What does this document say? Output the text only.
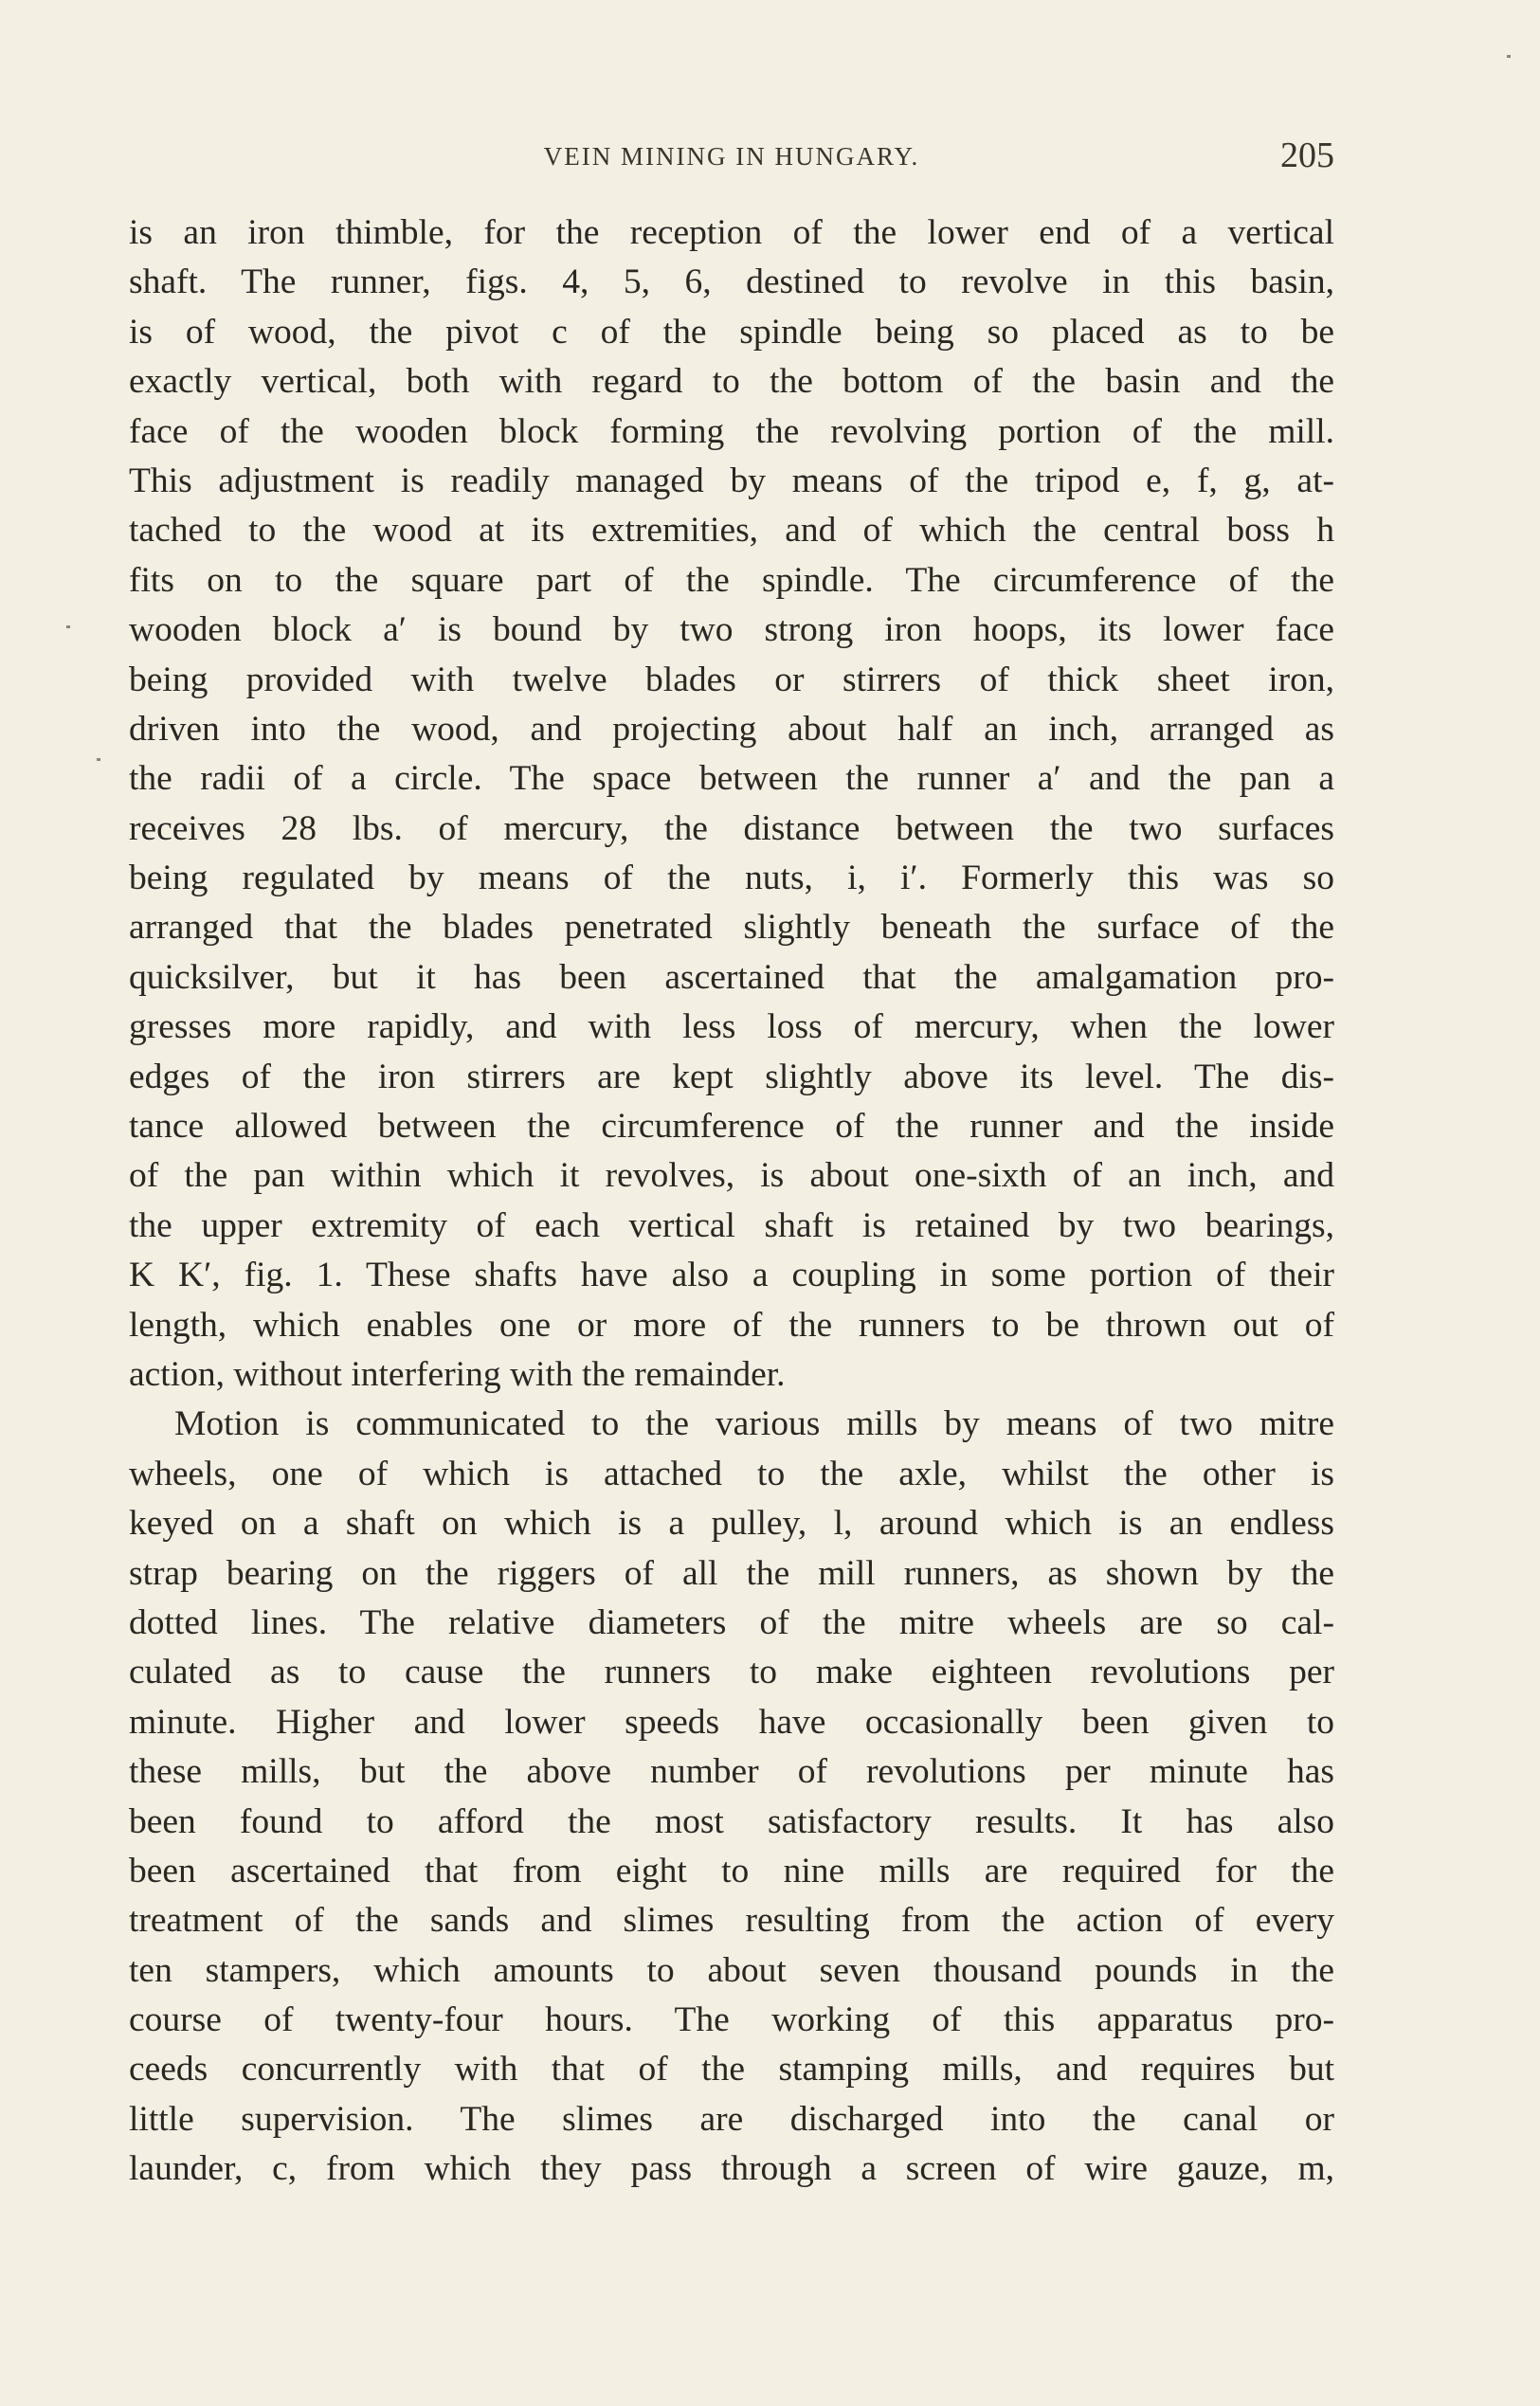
VEIN MINING IN HUNGARY.	205
is an iron thimble, for the reception of the lower end of a vertical
shaft. The runner, figs. 4, 5, 6, destined to revolve in this basin,
is of wood, the pivot c of the spindle being so placed as to be
exactly vertical, both with regard to the bottom of the basin and the
face of the wooden block forming the revolving portion of the mill.
This adjustment is readily managed by means of the tripod e, f, g, at-
tached to the wood at its extremities, and of which the central boss h
fits on to the square part of the spindle. The circumference of the
wooden block a′ is bound by two strong iron hoops, its lower face
being provided with twelve blades or stirrers of thick sheet iron,
driven into the wood, and projecting about half an inch, arranged as
the radii of a circle. The space between the runner a′ and the pan a
receives 28 lbs. of mercury, the distance between the two surfaces
being regulated by means of the nuts, i, i′. Formerly this was so
arranged that the blades penetrated slightly beneath the surface of the
quicksilver, but it has been ascertained that the amalgamation pro-
gresses more rapidly, and with less loss of mercury, when the lower
edges of the iron stirrers are kept slightly above its level. The dis-
tance allowed between the circumference of the runner and the inside
of the pan within which it revolves, is about one-sixth of an inch, and
the upper extremity of each vertical shaft is retained by two bearings,
K K′, fig. 1. These shafts have also a coupling in some portion of their
length, which enables one or more of the runners to be thrown out of
action, without interfering with the remainder.
Motion is communicated to the various mills by means of two mitre
wheels, one of which is attached to the axle, whilst the other is
keyed on a shaft on which is a pulley, l, around which is an endless
strap bearing on the riggers of all the mill runners, as shown by the
dotted lines. The relative diameters of the mitre wheels are so cal-
culated as to cause the runners to make eighteen revolutions per
minute. Higher and lower speeds have occasionally been given to
these mills, but the above number of revolutions per minute has
been found to afford the most satisfactory results. It has also
been ascertained that from eight to nine mills are required for the
treatment of the sands and slimes resulting from the action of every
ten stampers, which amounts to about seven thousand pounds in the
course of twenty-four hours. The working of this apparatus pro-
ceeds concurrently with that of the stamping mills, and requires but
little supervision. The slimes are discharged into the canal or
launder, c, from which they pass through a screen of wire gauze, m,
